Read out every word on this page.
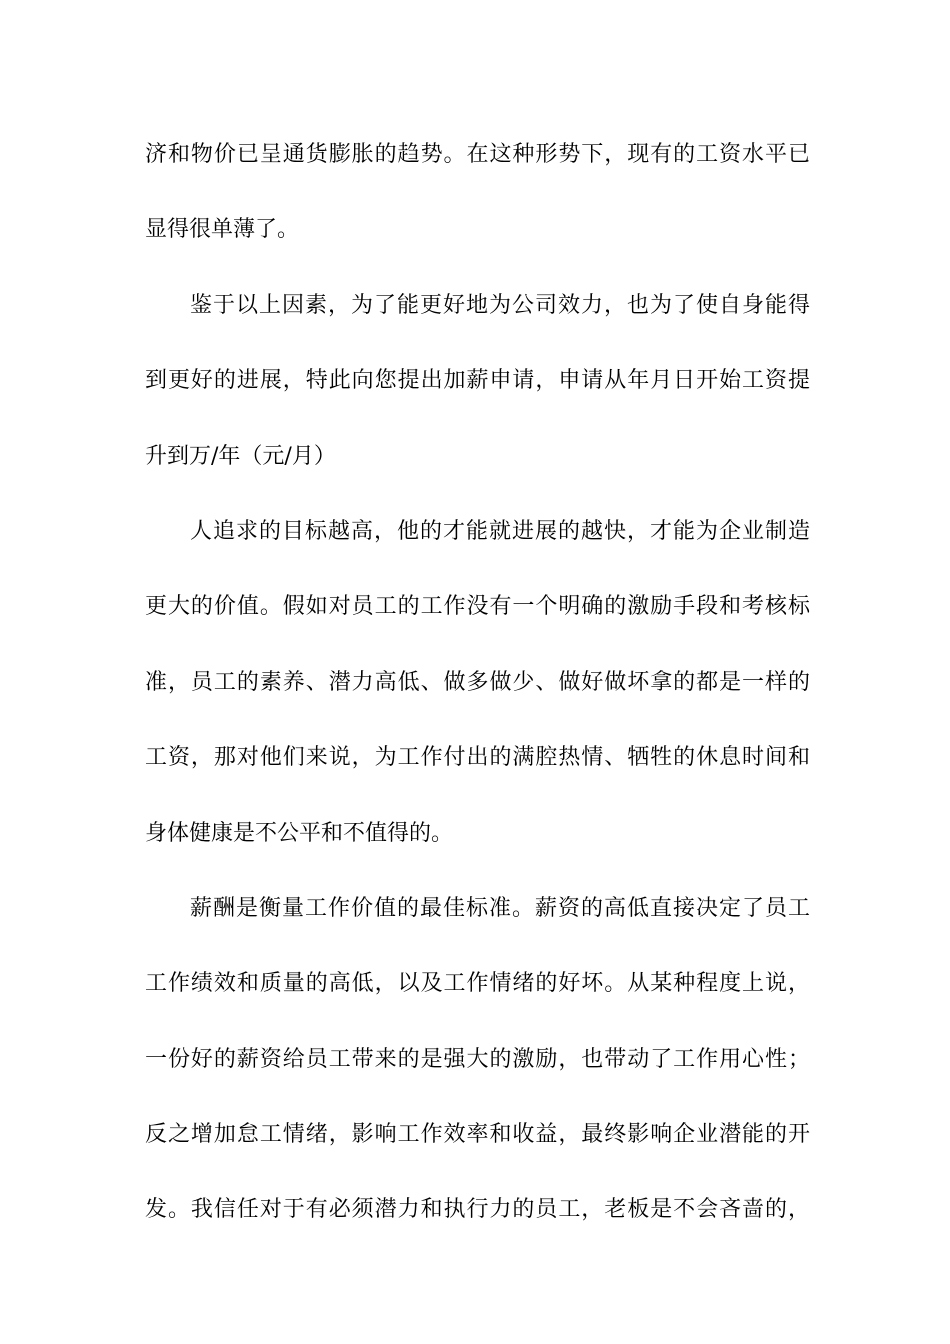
济和物价已呈通货膨胀的趋势。在这种形势下，现有的工资水平已
显得很单薄了。
鉴于以上因素，为了能更好地为公司效力，也为了使自身能得
到更好的进展，特此向您提出加薪申请，申请从年月日开始工资提
升到万/年（元/月）
人追求的目标越高，他的才能就进展的越快，才能为企业制造
更大的价值。假如对员工的工作没有一个明确的激励手段和考核标
准，员工的素养、潜力高低、做多做少、做好做坏拿的都是一样的
工资，那对他们来说，为工作付出的满腔热情、牺牲的休息时间和
身体健康是不公平和不值得的。
薪酬是衡量工作价值的最佳标准。薪资的高低直接决定了员工
工作绩效和质量的高低，以及工作情绪的好坏。从某种程度上说，
一份好的薪资给员工带来的是强大的激励，也带动了工作用心性；
反之增加怠工情绪，影响工作效率和收益，最终影响企业潜能的开
发。我信任对于有必须潜力和执行力的员工，老板是不会吝啬的，
